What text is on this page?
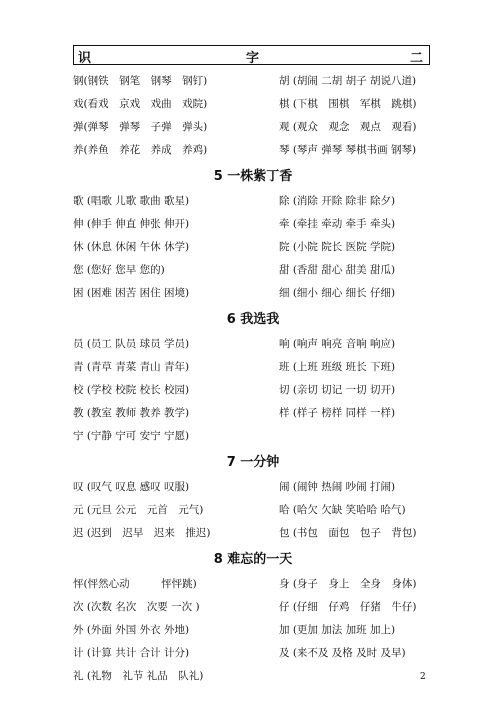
识	字	二
钢(钢铁　钢笔　钢琴　钢钉)	胡 (胡闹 二胡 胡子 胡说八道)
戏(看戏　京戏　戏曲　戏院)	棋 (下棋　围棋　军棋　跳棋)
弹(弹琴　弹琴　子弹　弹头)	观 (观众　观念　观点　观看)
养(养鱼　养花　养成　养鸡)	琴 (琴声 弹琴 琴棋书画 钢琴)
5 一株紫丁香
歌 (唱歌 儿歌 歌曲 歌星)	除 (消除 开除 除非 除夕)
伸 (伸手 伸直 伸张 伸开)	牵 (牵挂 牵动 牵手 牵头)
休 (休息 休闲 午休 休学)	院 (小院 院长 医院 学院)
您 (您好 您早 您的)	甜 (香甜 甜心 甜美 甜瓜)
困 (困难 困苦 困住 困境)	细 (细小 细心 细长 仔细)
6 我选我
员 (员工 队员 球员 学员)	响 (响声 响亮 音响 响应)
青 (青草 青菜 青山 青年)	班 (上班 班级 班长 下班)
校 (学校 校院 校长 校园)	切 (亲切 切记 一切 切开)
教 (教室 教师 教养 教学)	样 (样子 榜样 同样 一样)
宁 (宁静 宁可 安宁 宁愿)
7 一分钟
叹 (叹气 叹息 感叹 叹服)	闹 (闹钟 热闹 吵闹 打闹)
元 (元旦 公元　元首　元气)	哈 (哈欠 欠缺 笑哈哈 哈气)
迟 (迟到　迟早　迟来　推迟)	包 (书包　面包　包子　背包)
8 难忘的一天
怦(怦然心动　　　怦怦跳)	身 (身子　身上　全身　身体)
次 (次数 名次　次要 一次 )	仔 (仔细　仔鸡　仔猪　牛仔)
外 (外面 外国 外衣 外地)	加 (更加 加法 加班 加上)
计 (计算 共计 合计 计分)	及 (来不及 及格 及时 及早)
礼 (礼物　礼节 礼品　队礼)	2
